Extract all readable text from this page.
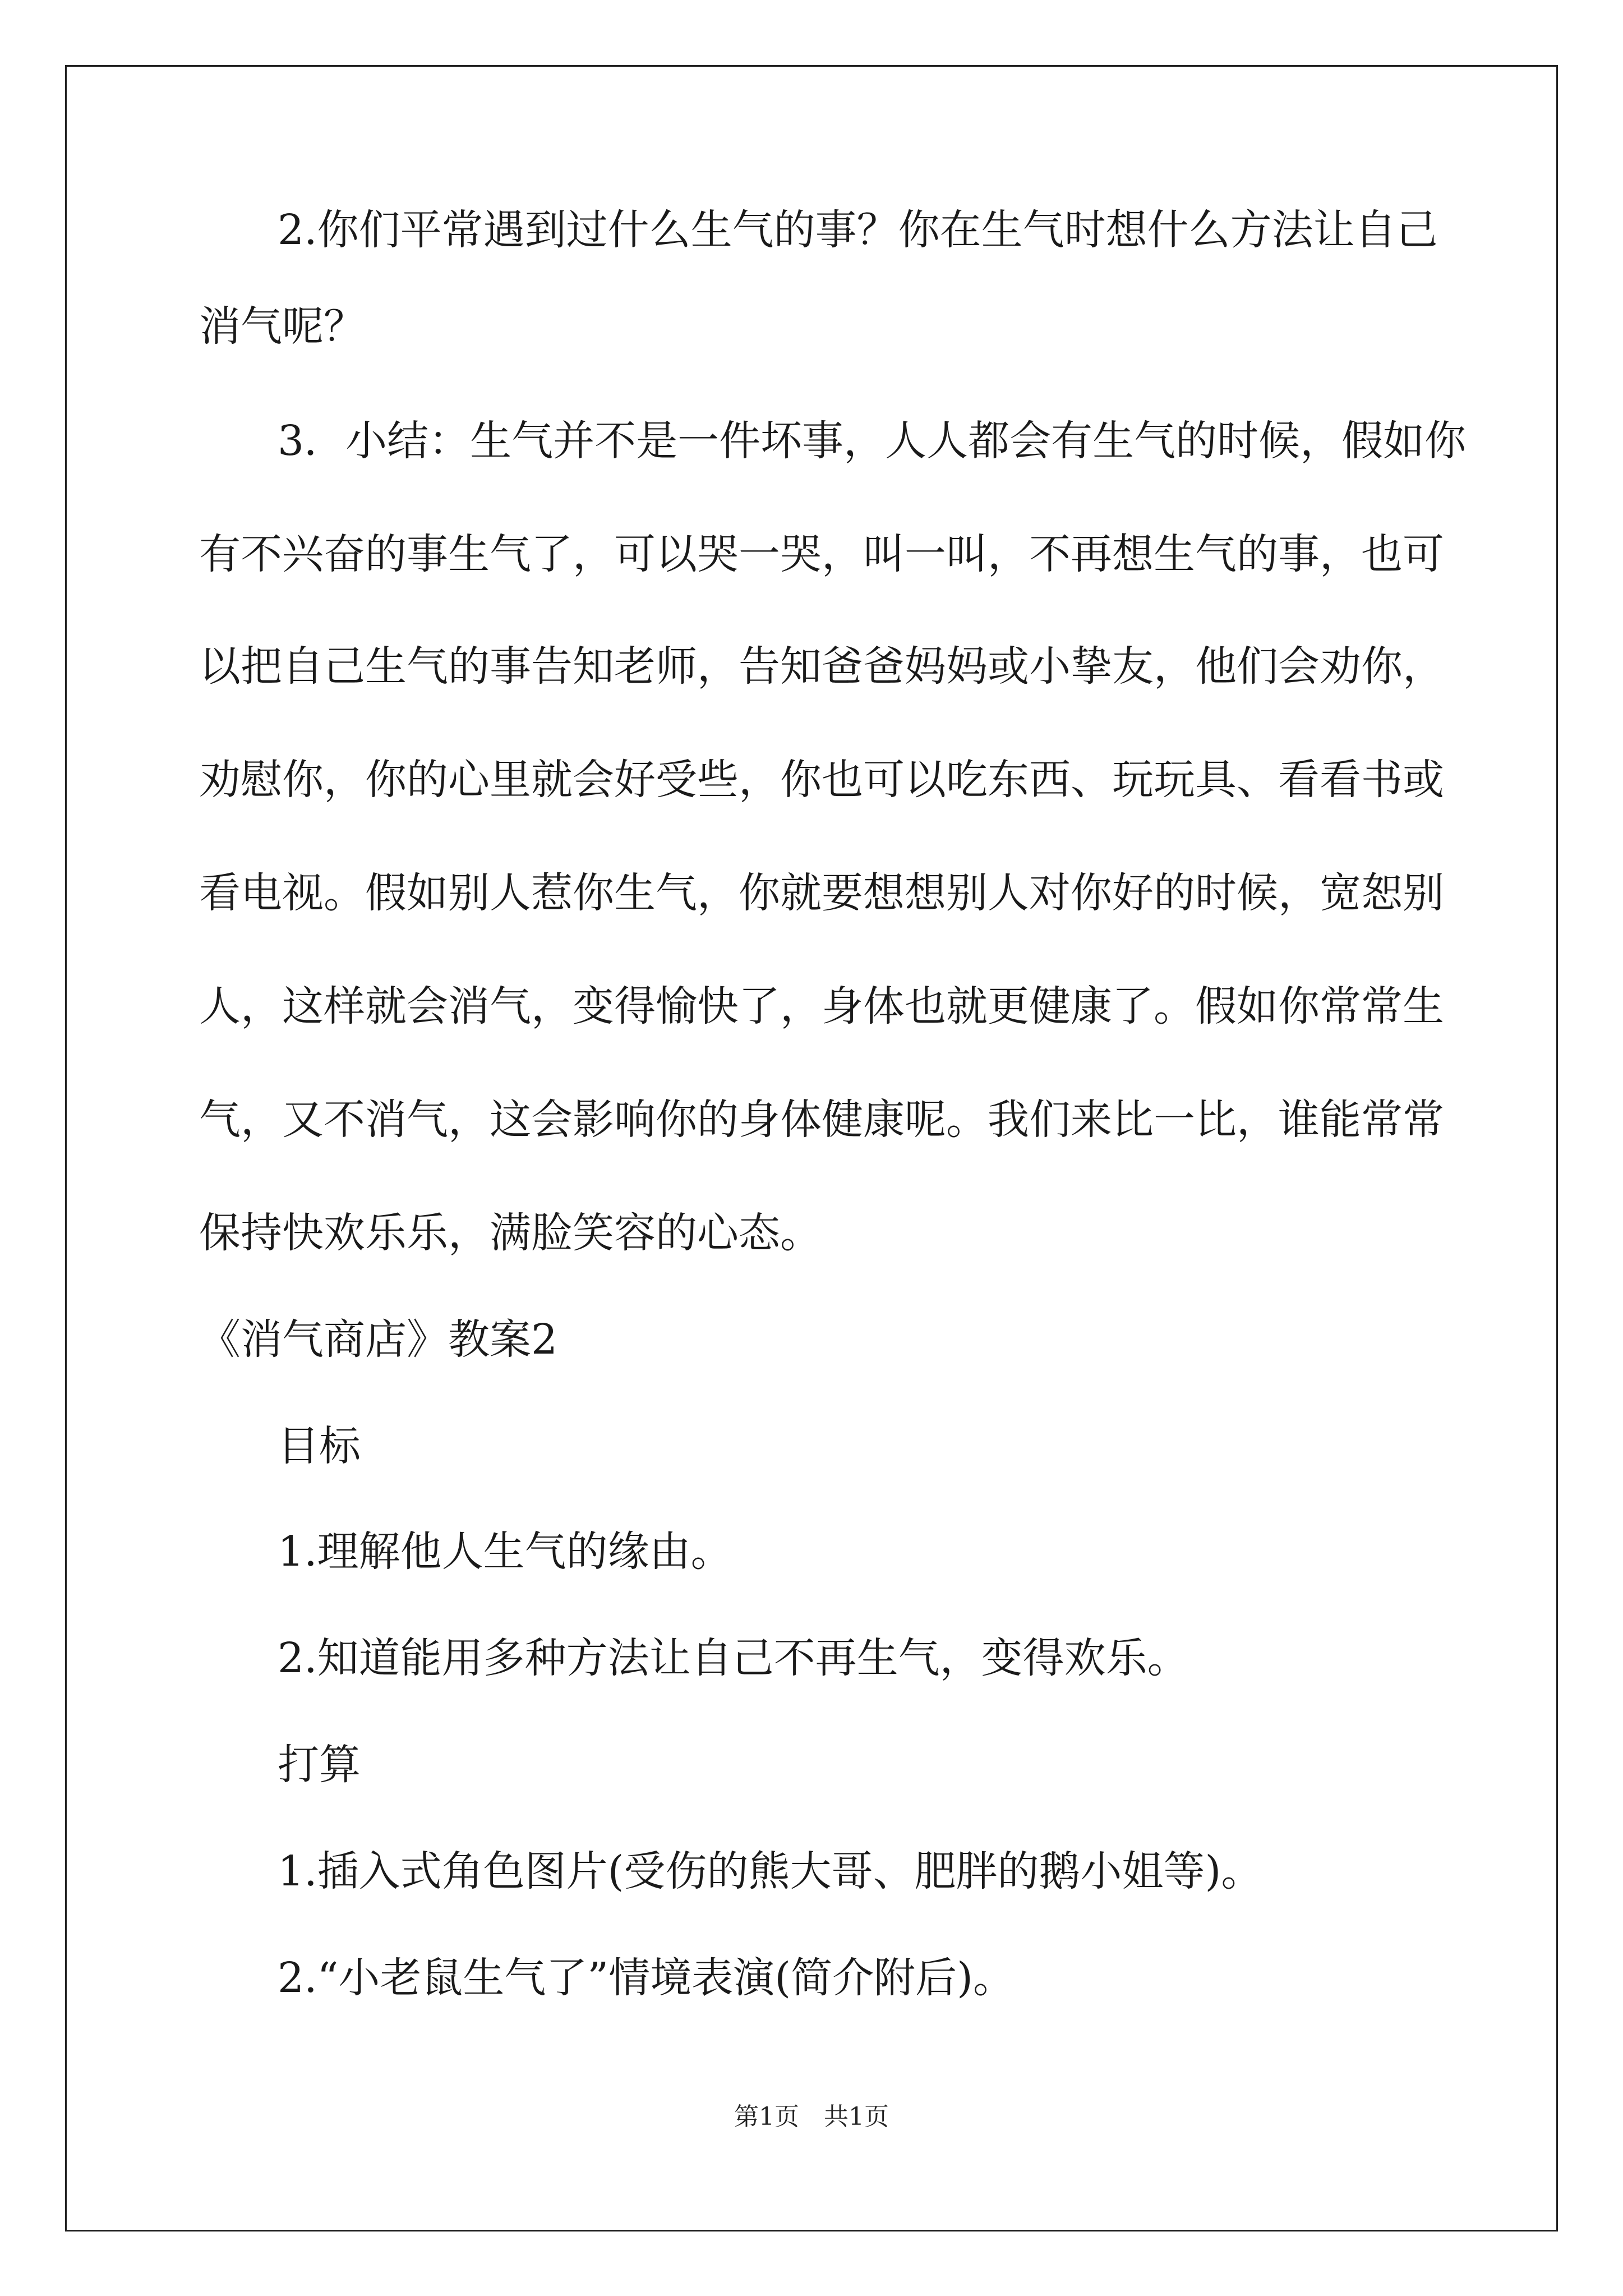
2.你们平常遇到过什么生气的事？你在生气时想什么方法让自己
消气呢？
3．小结：生气并不是一件坏事，人人都会有生气的时候，假如你
有不兴奋的事生气了，可以哭一哭，叫一叫，不再想生气的事，也可
以把自己生气的事告知老师，告知爸爸妈妈或小挚友，他们会劝你，
劝慰你，你的心里就会好受些，你也可以吃东西、玩玩具、看看书或
看电视。假如别人惹你生气，你就要想想别人对你好的时候，宽恕别
人，这样就会消气，变得愉快了，身体也就更健康了。假如你常常生
气，又不消气，这会影响你的身体健康呢。我们来比一比，谁能常常
保持快欢乐乐，满脸笑容的心态。
《消气商店》教案2
目标
1.理解他人生气的缘由。
2.知道能用多种方法让自己不再生气，变得欢乐。
打算
1.插入式角色图片(受伤的熊大哥、肥胖的鹅小姐等)。
2.“小老鼠生气了”情境表演(简介附后)。
第1页　共1页
